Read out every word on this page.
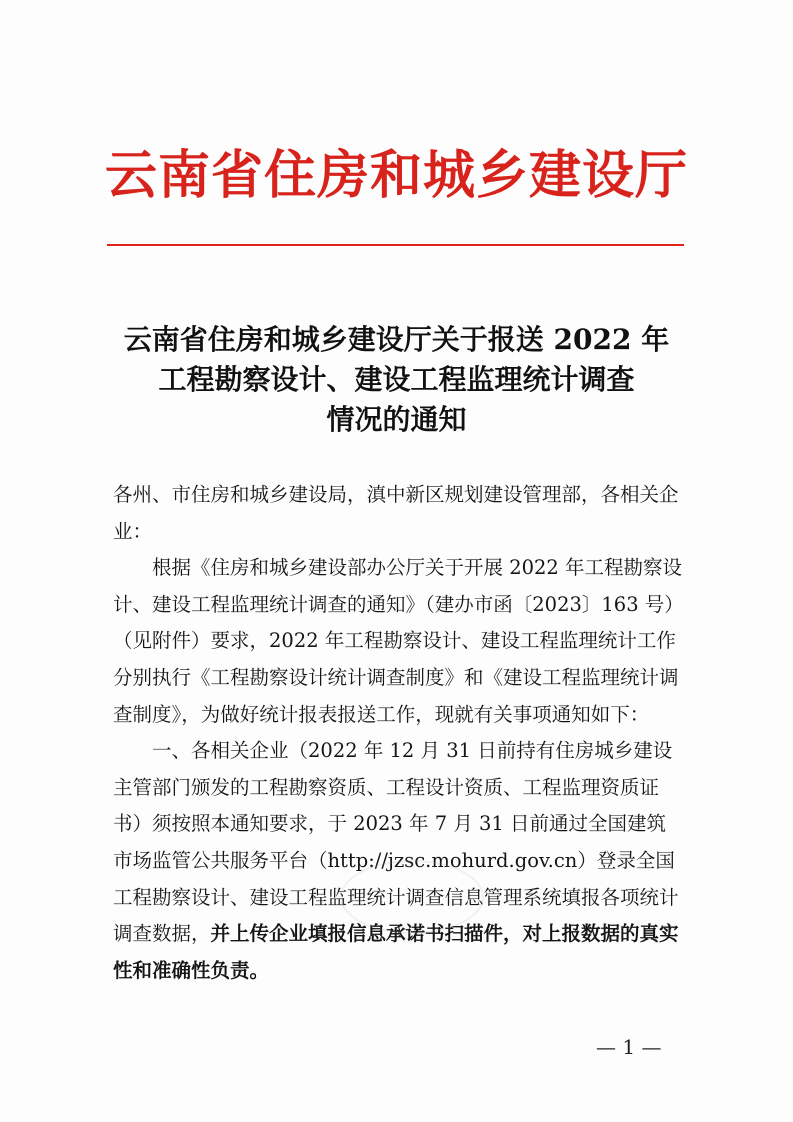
云南省住房和城乡建设厅
云南省住房和城乡建设厅关于报送 2022 年
工程勘察设计、建设工程监理统计调查
情况的通知

各州、市住房和城乡建设局，滇中新区规划建设管理部，各相关企业：

根据《住房和城乡建设部办公厅关于开展 2022 年工程勘察设计、建设工程监理统计调查的通知》（建办市函〔2023〕163 号）（见附件）要求，2022 年工程勘察设计、建设工程监理统计工作分别执行《工程勘察设计统计调查制度》和《建设工程监理统计调查制度》，为做好统计报表报送工作，现就有关事项通知如下：

一、各相关企业（2022 年 12 月 31 日前持有住房城乡建设主管部门颁发的工程勘察资质、工程设计资质、工程监理资质证书）须按照本通知要求，于 2023 年 7 月 31 日前通过全国建筑市场监管公共服务平台（http://jzsc.mohurd.gov.cn）登录全国工程勘察设计、建设工程监理统计调查信息管理系统填报各项统计调查数据，并上传企业填报信息承诺书扫描件，对上报数据的真实性和准确性负责。

— 1 —
